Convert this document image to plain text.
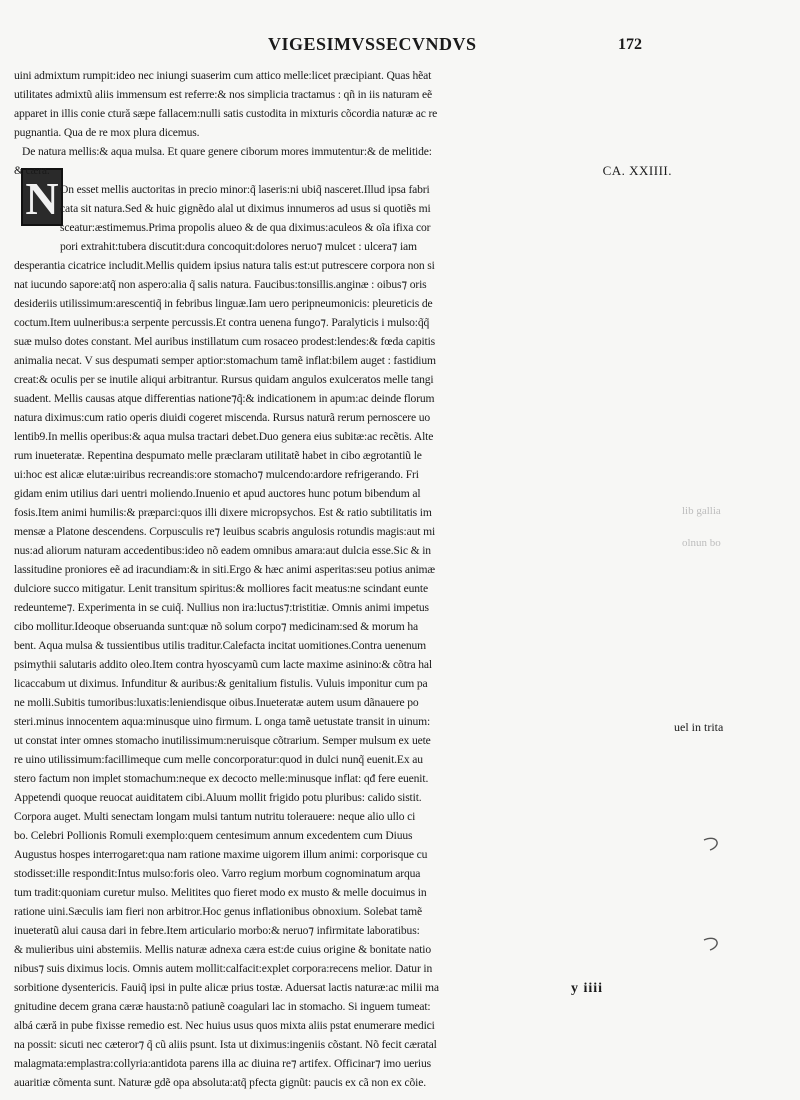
VIGESIMVSSECVNDVS	172
N
uini admixtum rumpit:ideo nec iniungi suaserim cum attico melle:licet præcipiant. Quas hẽat
utilitates admixtũ aliis immensum est referre:& nos simplicia tractamus : qñ in iis naturam eẽ
apparet in illis conie ctură sæpe fallacem:nulli satis custodita in mixturis cõcordia naturæ ac re
pugnantia. Qua de re mox plura dicemus.
De natura mellis:& aqua mulsa. Et quare genere ciborum mores immutentur:& de melitide:
& cæra.	CA. XXIIII.
On esset mellis auctoritas in precio minor:q̃ laseris:ni ubiq̃ nasceret.Illud ipsa fabri
cata sit natura.Sed & huic gignẽdo alal ut diximus innumeros ad usus si quotiẽs mi
sceatur:æstimemus.Prima propolis alueo & de qua diximus:aculeos & oĩa ifixa cor
pori extrahit:tubera discutit:dura concoquit:dolores neruo⁊ mulcet : ulcera⁊ iam
desperantia cicatrice includit.Mellis quidem ipsius natura talis est:ut putrescere corpora non si
nat iucundo sapore:atq̃ non aspero:alia q̃ salis natura. Faucibus:tonsillis.anginæ : oibus⁊ oris
desideriis utilissimum:arescentiq̃ in febribus linguæ.Iam uero peripneumonicis: pleureticis de
coctum.Item uulneribus:a serpente percussis.Et contra uenena fungo⁊. Paralyticis i mulso:q̃q̃
suæ mulso dotes constant. Mel auribus instillatum cum rosaceo prodest:lendes:& fœda capitis
animalia necat. V sus despumati semper aptior:stomachum tamẽ inflat:bilem auget : fastidium
creat:& oculis per se inutile aliqui arbitrantur. Rursus quidam angulos exulceratos melle tangi
suadent. Mellis causas atque differentias natione⁊q̃:& indicationem in apum:ac deinde florum
natura diximus:cum ratio operis diuidi cogeret miscenda. Rursus naturã rerum pernoscere uo
lentib9.In mellis operibus:& aqua mulsa tractari debet.Duo genera eius subitæ:ac recẽtis. Alte
rum inueteratæ. Repentina despumato melle præclaram utilitatẽ habet in cibo ægrotantiũ le
ui:hoc est alicæ elutæ:uiribus recreandis:ore stomacho⁊ mulcendo:ardore refrigerando. Fri
gidam enim utilius dari uentri moliendo.Inuenio et apud auctores hunc potum bibendum al
fosis.Item animi humilis:& præparci:quos illi dixere micropsychos. Est & ratio subtilitatis im
mensæ a Platone descendens. Corpusculis re⁊ leuibus scabris angulosis rotundis magis:aut mi
nus:ad aliorum naturam accedentibus:ideo nõ eadem omnibus amara:aut dulcia esse.Sic & in
lassitudine proniores eẽ ad iracundiam:& in siti.Ergo & hæc animi asperitas:seu potius animæ
dulciore succo mitigatur. Lenit transitum spiritus:& molliores facit meatus:ne scindant eunte
redeunteme⁊. Experimenta in se cuiq̃. Nullius non ira:luctus⁊:tristitiæ. Omnis animi impetus
cibo mollitur.Ideoque obseruanda sunt:quæ nõ solum corpo⁊ medicinam:sed & morum ha
bent. Aqua mulsa & tussientibus utilis traditur.Calefacta incitat uomitiones.Contra uenenum
psimythii salutaris addito oleo.Item contra hyoscyamũ cum lacte maxime asinino:& cõtra hal
licaccabum ut diximus. Infunditur & auribus:& genitalium fistulis. Vuluis imponitur cum pa
ne molli.Subitis tumoribus:luxatis:leniendisque oibus.Inueteratæ autem usum dãnauere po
steri.minus innocentem aqua:minusque uino firmum. L onga tamẽ uetustate transit in uinum:
ut constat inter omnes stomacho inutilissimum:neruisque cõtrarium. Semper mulsum ex uete
re uino utilissimum:facillimeque cum melle concorporatur:quod in dulci nunq̃ euenit.Ex au
stero factum non implet stomachum:neque ex decocto melle:minusque inflat: qđ fere euenit.
Appetendi quoque reuocat auiditatem cibi.Aluum mollit frigido potu pluribus: calido sistit.
Corpora auget. Multi senectam longam mulsi tantum nutritu tolerauere: neque alio ullo ci
bo. Celebri Pollionis Romuli exemplo:quem centesimum annum excedentem cum Diuus
Augustus hospes interrogaret:qua nam ratione maxime uigorem illum animi: corporisque cu
stodisset:ille respondit:Intus mulso:foris oleo. Varro regium morbum cognominatum arqua
tum tradit:quoniam curetur mulso. Melitites quo fieret modo ex musto & melle docuimus in
ratione uini.Sæculis iam fieri non arbitror.Hoc genus inflationibus obnoxium. Solebat tamẽ
inueteratũ alui causa dari in febre.Item articulario morbo:& neruo⁊ infirmitate laboratibus:
& mulieribus uini abstemiis. Mellis naturæ adnexa cæra est:de cuius origine & bonitate natio
nibus⁊ suis diximus locis. Omnis autem mollit:calfacit:explet corpora:recens melior. Datur in
sorbitione dysentericis. Fauiq̃ ipsi in pulte alicæ prius tostæ. Aduersat lactis naturæ:ac milii ma
gnitudine decem grana cæræ hausta:nõ patiunẽ coagulari lac in stomacho. Si inguem tumeat:
albá cæră in pube fixisse remedio est. Nec huius usus quos mixta aliis pstat enumerare medici
na possit: sicuti nec cæteror⁊ q̃ cũ aliis psunt. Ista ut diximus:ingeniis cõstant. Nõ fecit cæratal
malagmata:emplastra:collyria:antidota parens illa ac diuina re⁊ artifex. Officinar⁊ imo uerius
auaritiæ cõmenta sunt. Naturæ gdẽ opa absoluta:atq̃ pfecta gignũt: paucis ex cã non ex cõie.
uel in trita
lib gallia
olnun bo
y iiii
